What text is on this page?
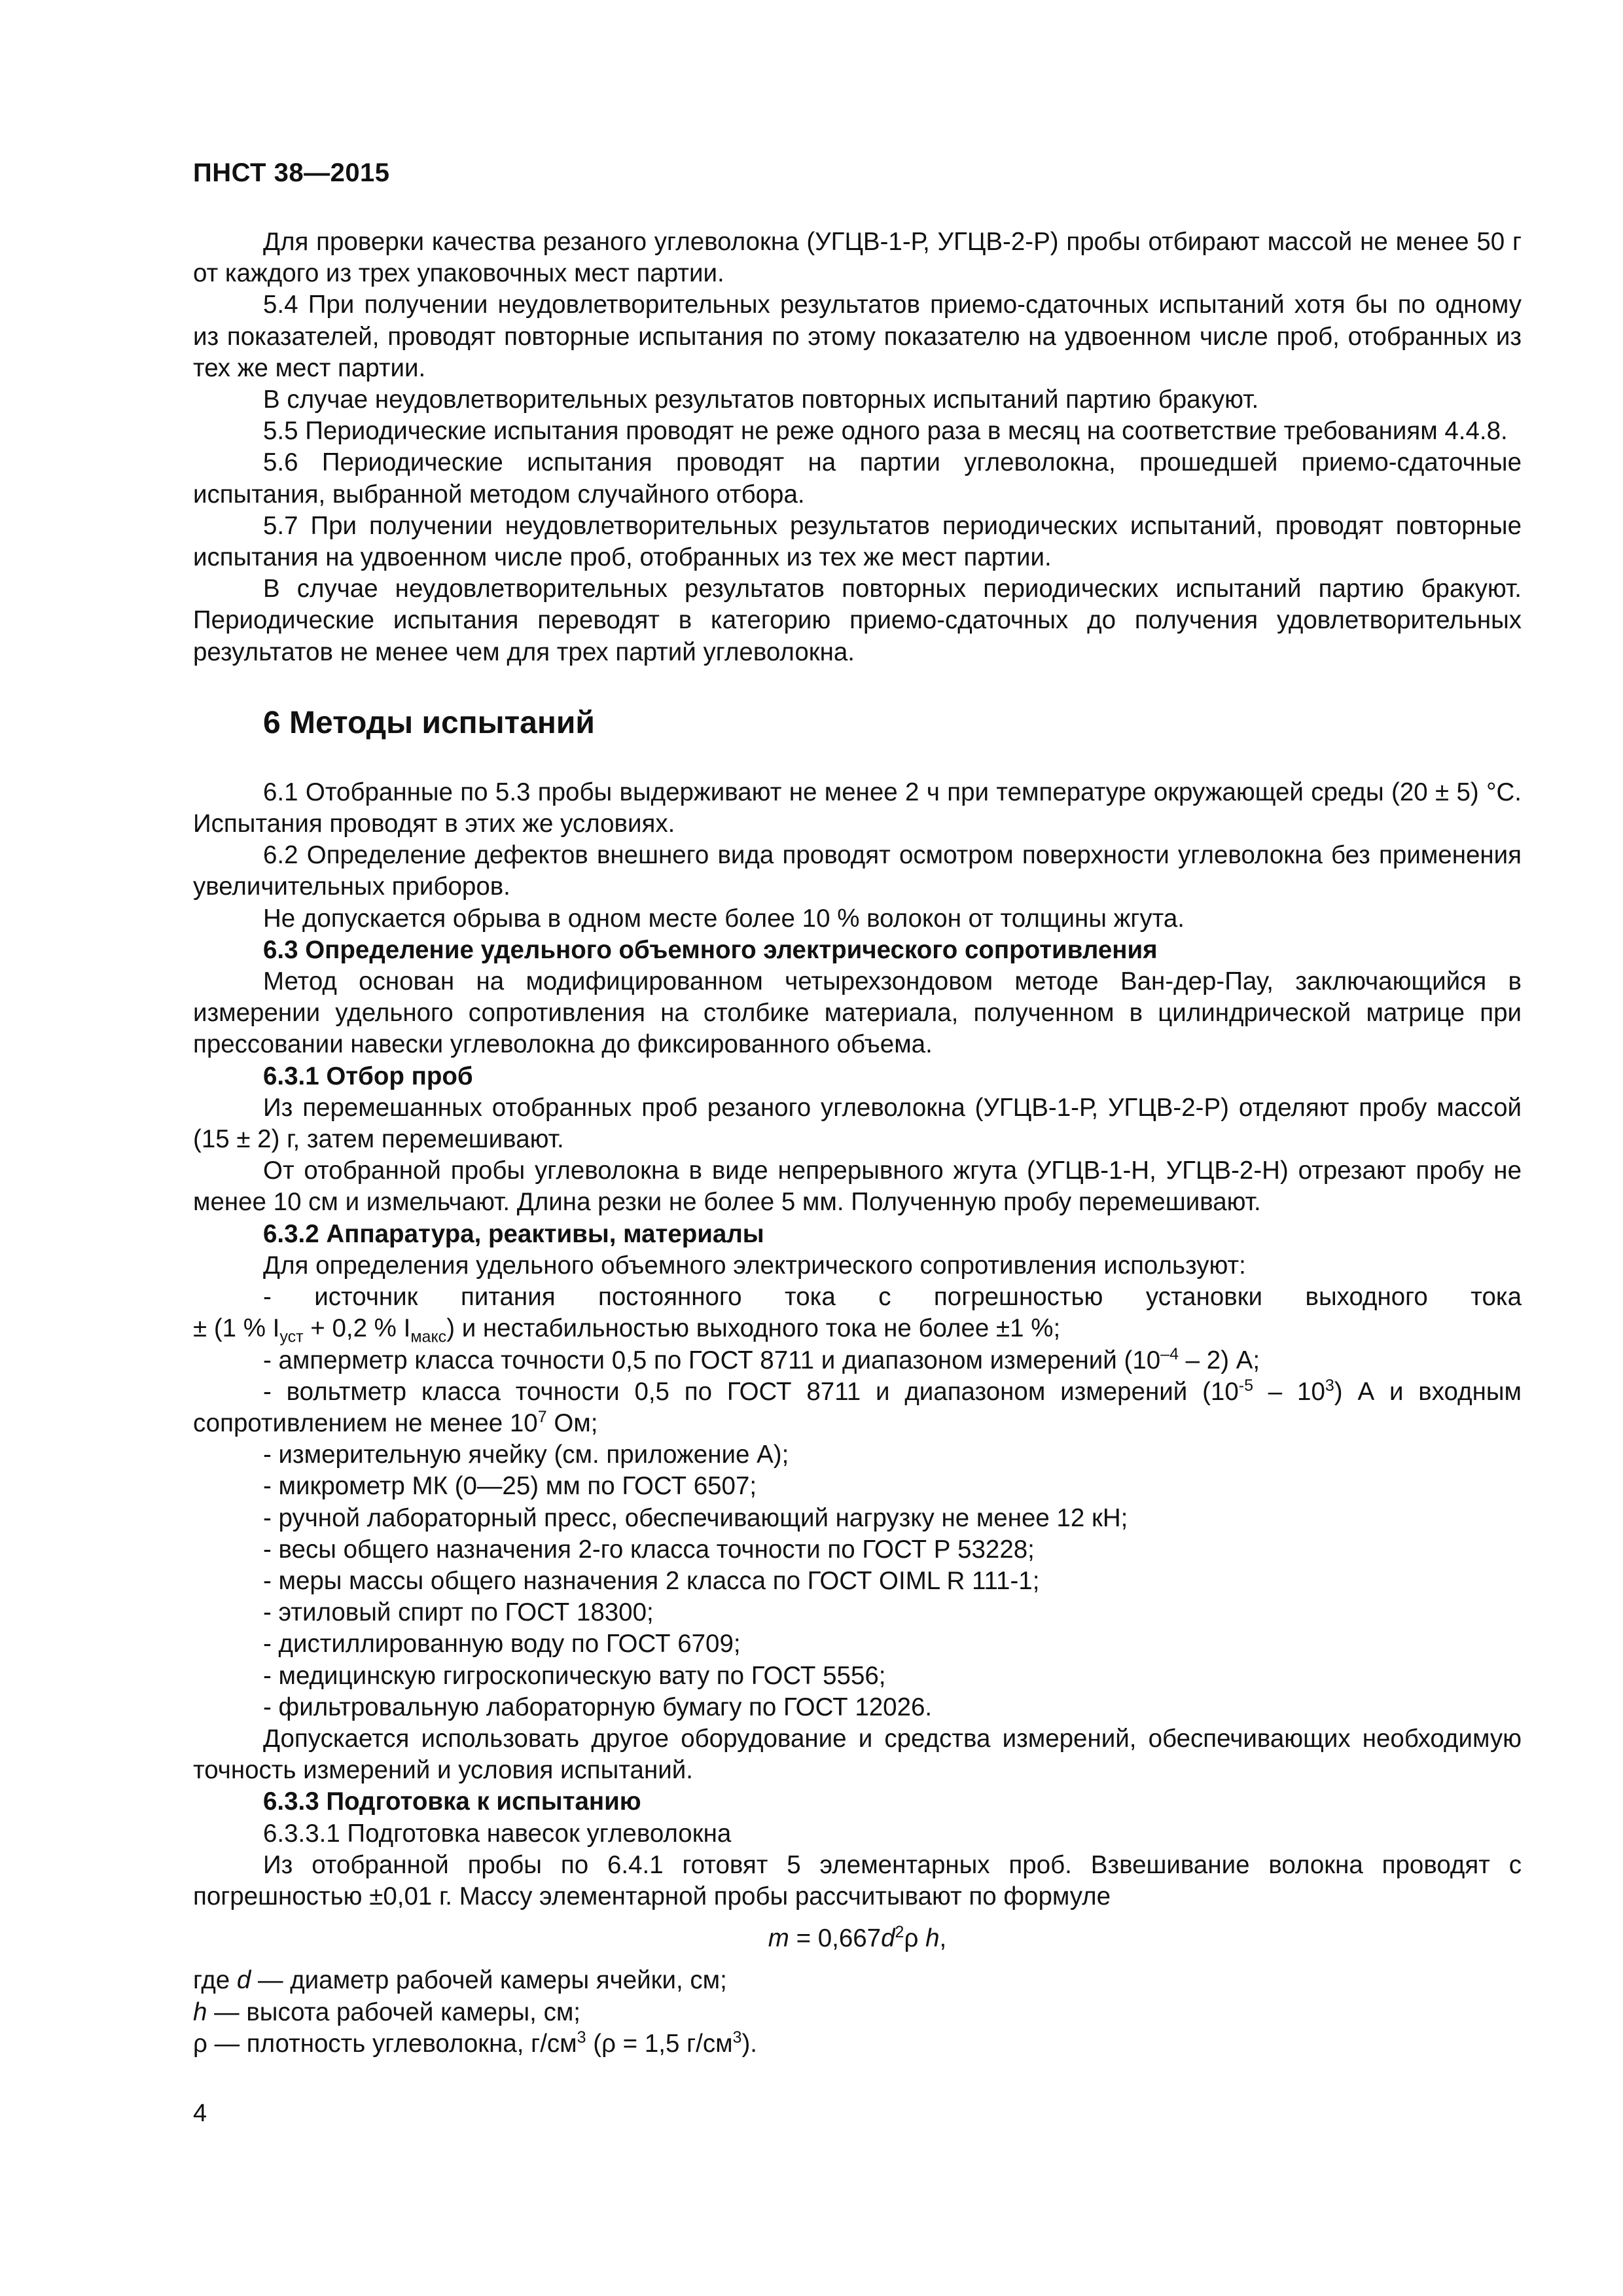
ПНСТ 38—2015

Для проверки качества резаного углеволокна (УГЦВ-1-Р, УГЦВ-2-Р) пробы отбирают массой не менее 50 г от каждого из трех упаковочных мест партии.

5.4 При получении неудовлетворительных результатов приемо-сдаточных испытаний хотя бы по одному из показателей, проводят повторные испытания по этому показателю на удвоенном числе проб, отобранных из тех же мест партии.

В случае неудовлетворительных результатов повторных испытаний партию бракуют.

5.5 Периодические испытания проводят не реже одного раза в месяц на соответствие требованиям 4.4.8.

5.6 Периодические испытания проводят на партии углеволокна, прошедшей приемо-сдаточные испытания, выбранной методом случайного отбора.

5.7 При получении неудовлетворительных результатов периодических испытаний, проводят повторные испытания на удвоенном числе проб, отобранных из тех же мест партии.

В случае неудовлетворительных результатов повторных периодических испытаний партию бракуют. Периодические испытания переводят в категорию приемо-сдаточных до получения удовлетворительных результатов не менее чем для трех партий углеволокна.

6 Методы испытаний

6.1 Отобранные по 5.3 пробы выдерживают не менее 2 ч при температуре окружающей среды (20 ± 5) °С. Испытания проводят в этих же условиях.

6.2 Определение дефектов внешнего вида проводят осмотром поверхности углеволокна без применения увеличительных приборов.

Не допускается обрыва в одном месте более 10 % волокон от толщины жгута.

6.3 Определение удельного объемного электрического сопротивления

Метод основан на модифицированном четырехзондовом методе Ван-дер-Пау, заключающийся в измерении удельного сопротивления на столбике материала, полученном в цилиндрической матрице при прессовании навески углеволокна до фиксированного объема.

6.3.1 Отбор проб

Из перемешанных отобранных проб резаного углеволокна (УГЦВ-1-Р, УГЦВ-2-Р) отделяют пробу массой (15 ± 2) г, затем перемешивают.

От отобранной пробы углеволокна в виде непрерывного жгута (УГЦВ-1-Н, УГЦВ-2-Н) отрезают пробу не менее 10 см и измельчают. Длина резки не более 5 мм. Полученную пробу перемешивают.

6.3.2 Аппаратура, реактивы, материалы

Для определения удельного объемного электрического сопротивления используют:

- источник питания постоянного тока с погрешностью установки выходного тока

± (1 % $I_{уст} + 0,2$ % $I_{макс}$) и нестабильностью выходного тока не более ±1 %;

- амперметр класса точности 0,5 по ГОСТ 8711 и диапазоном измерений $(10^{-4} - 2)$ А;

- вольтметр класса точности 0,5 по ГОСТ 8711 и диапазоном измерений $(10^{-5} - 10^3)$ А и входным сопротивлением не менее $10^7$ Ом;

- измерительную ячейку (см. приложение А);

- микрометр МК (0—25) мм по ГОСТ 6507;

- ручной лабораторный пресс, обеспечивающий нагрузку не менее 12 кН;

- весы общего назначения 2-го класса точности по ГОСТ Р 53228;

- меры массы общего назначения 2 класса по ГОСТ OIML R 111-1;

- этиловый спирт по ГОСТ 18300;

- дистиллированную воду по ГОСТ 6709;

- медицинскую гигроскопическую вату по ГОСТ 5556;

- фильтровальную лабораторную бумагу по ГОСТ 12026.

Допускается использовать другое оборудование и средства измерений, обеспечивающих необходимую точность измерений и условия испытаний.

6.3.3 Подготовка к испытанию

6.3.3.1 Подготовка навесок углеволокна

Из отобранной пробы по 6.4.1 готовят 5 элементарных проб. Взвешивание волокна проводят с погрешностью ±0,01 г. Массу элементарной пробы рассчитывают по формуле

$m = 0,667d^2\rho$ h,

где d — диаметр рабочей камеры ячейки, см;

h — высота рабочей камеры, см;

ρ — плотность углеволокна, $г/см^3$ (ρ = 1,5 $г/см^3$).

4
